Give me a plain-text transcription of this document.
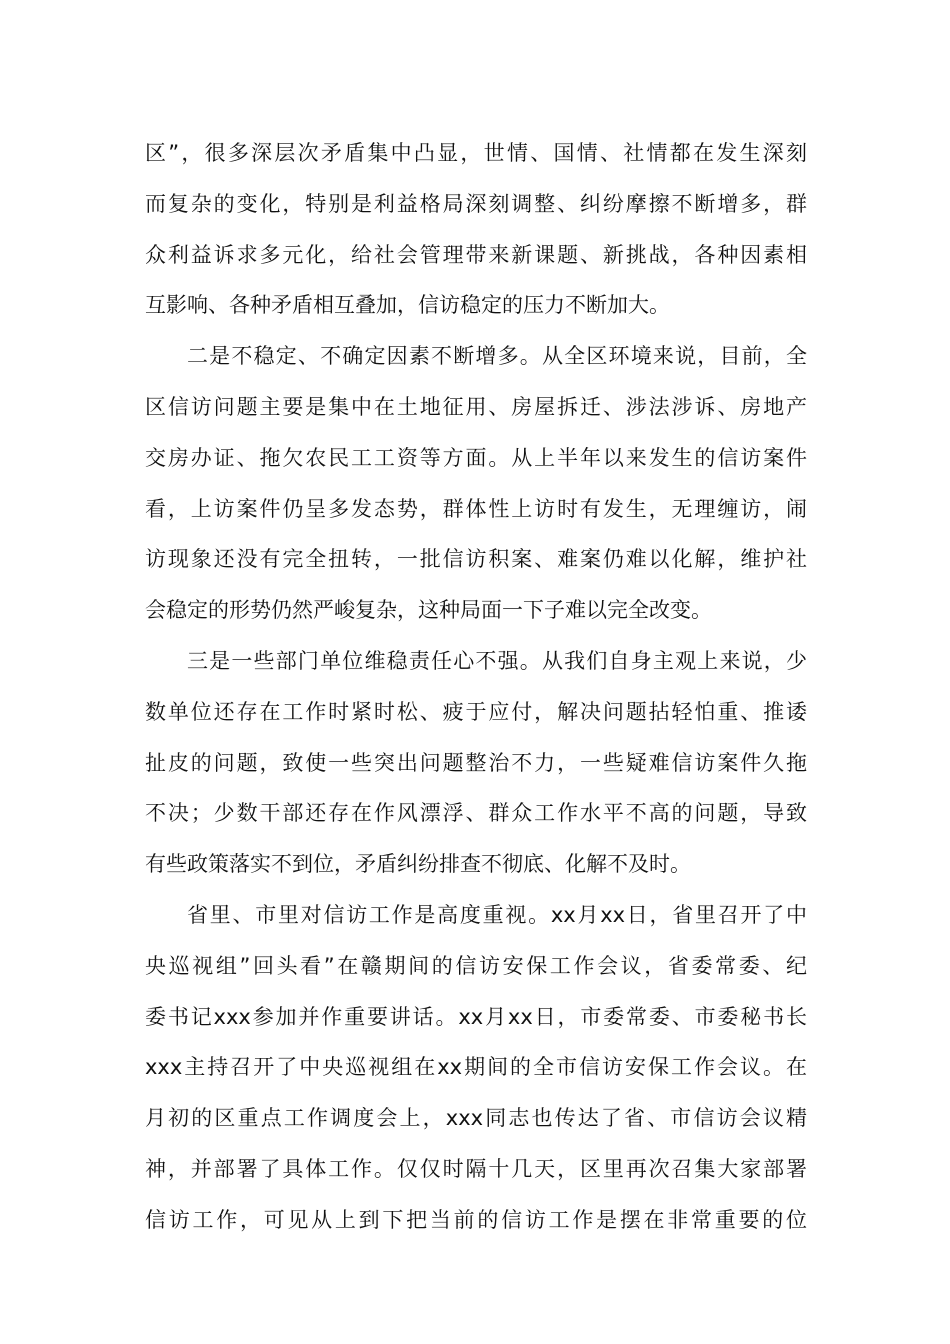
区”，很多深层次矛盾集中凸显，世情、国情、社情都在发生深刻
而复杂的变化，特别是利益格局深刻调整、纠纷摩擦不断增多，群
众利益诉求多元化，给社会管理带来新课题、新挑战，各种因素相
互影响、各种矛盾相互叠加，信访稳定的压力不断加大。
二是不稳定、不确定因素不断增多。从全区环境来说，目前，全
区信访问题主要是集中在土地征用、房屋拆迁、涉法涉诉、房地产
交房办证、拖欠农民工工资等方面。从上半年以来发生的信访案件
看，上访案件仍呈多发态势，群体性上访时有发生，无理缠访，闹
访现象还没有完全扭转，一批信访积案、难案仍难以化解，维护社
会稳定的形势仍然严峻复杂，这种局面一下子难以完全改变。
三是一些部门单位维稳责任心不强。从我们自身主观上来说，少
数单位还存在工作时紧时松、疲于应付，解决问题拈轻怕重、推诿
扯皮的问题，致使一些突出问题整治不力，一些疑难信访案件久拖
不决；少数干部还存在作风漂浮、群众工作水平不高的问题，导致
有些政策落实不到位，矛盾纠纷排查不彻底、化解不及时。
省里、市里对信访工作是高度重视。xx月xx日，省里召开了中
央巡视组”回头看”在赣期间的信访安保工作会议，省委常委、纪
委书记xxx参加并作重要讲话。xx月xx日，市委常委、市委秘书长
xxx主持召开了中央巡视组在xx期间的全市信访安保工作会议。在
月初的区重点工作调度会上，xxx同志也传达了省、市信访会议精
神，并部署了具体工作。仅仅时隔十几天，区里再次召集大家部署
信访工作，可见从上到下把当前的信访工作是摆在非常重要的位
